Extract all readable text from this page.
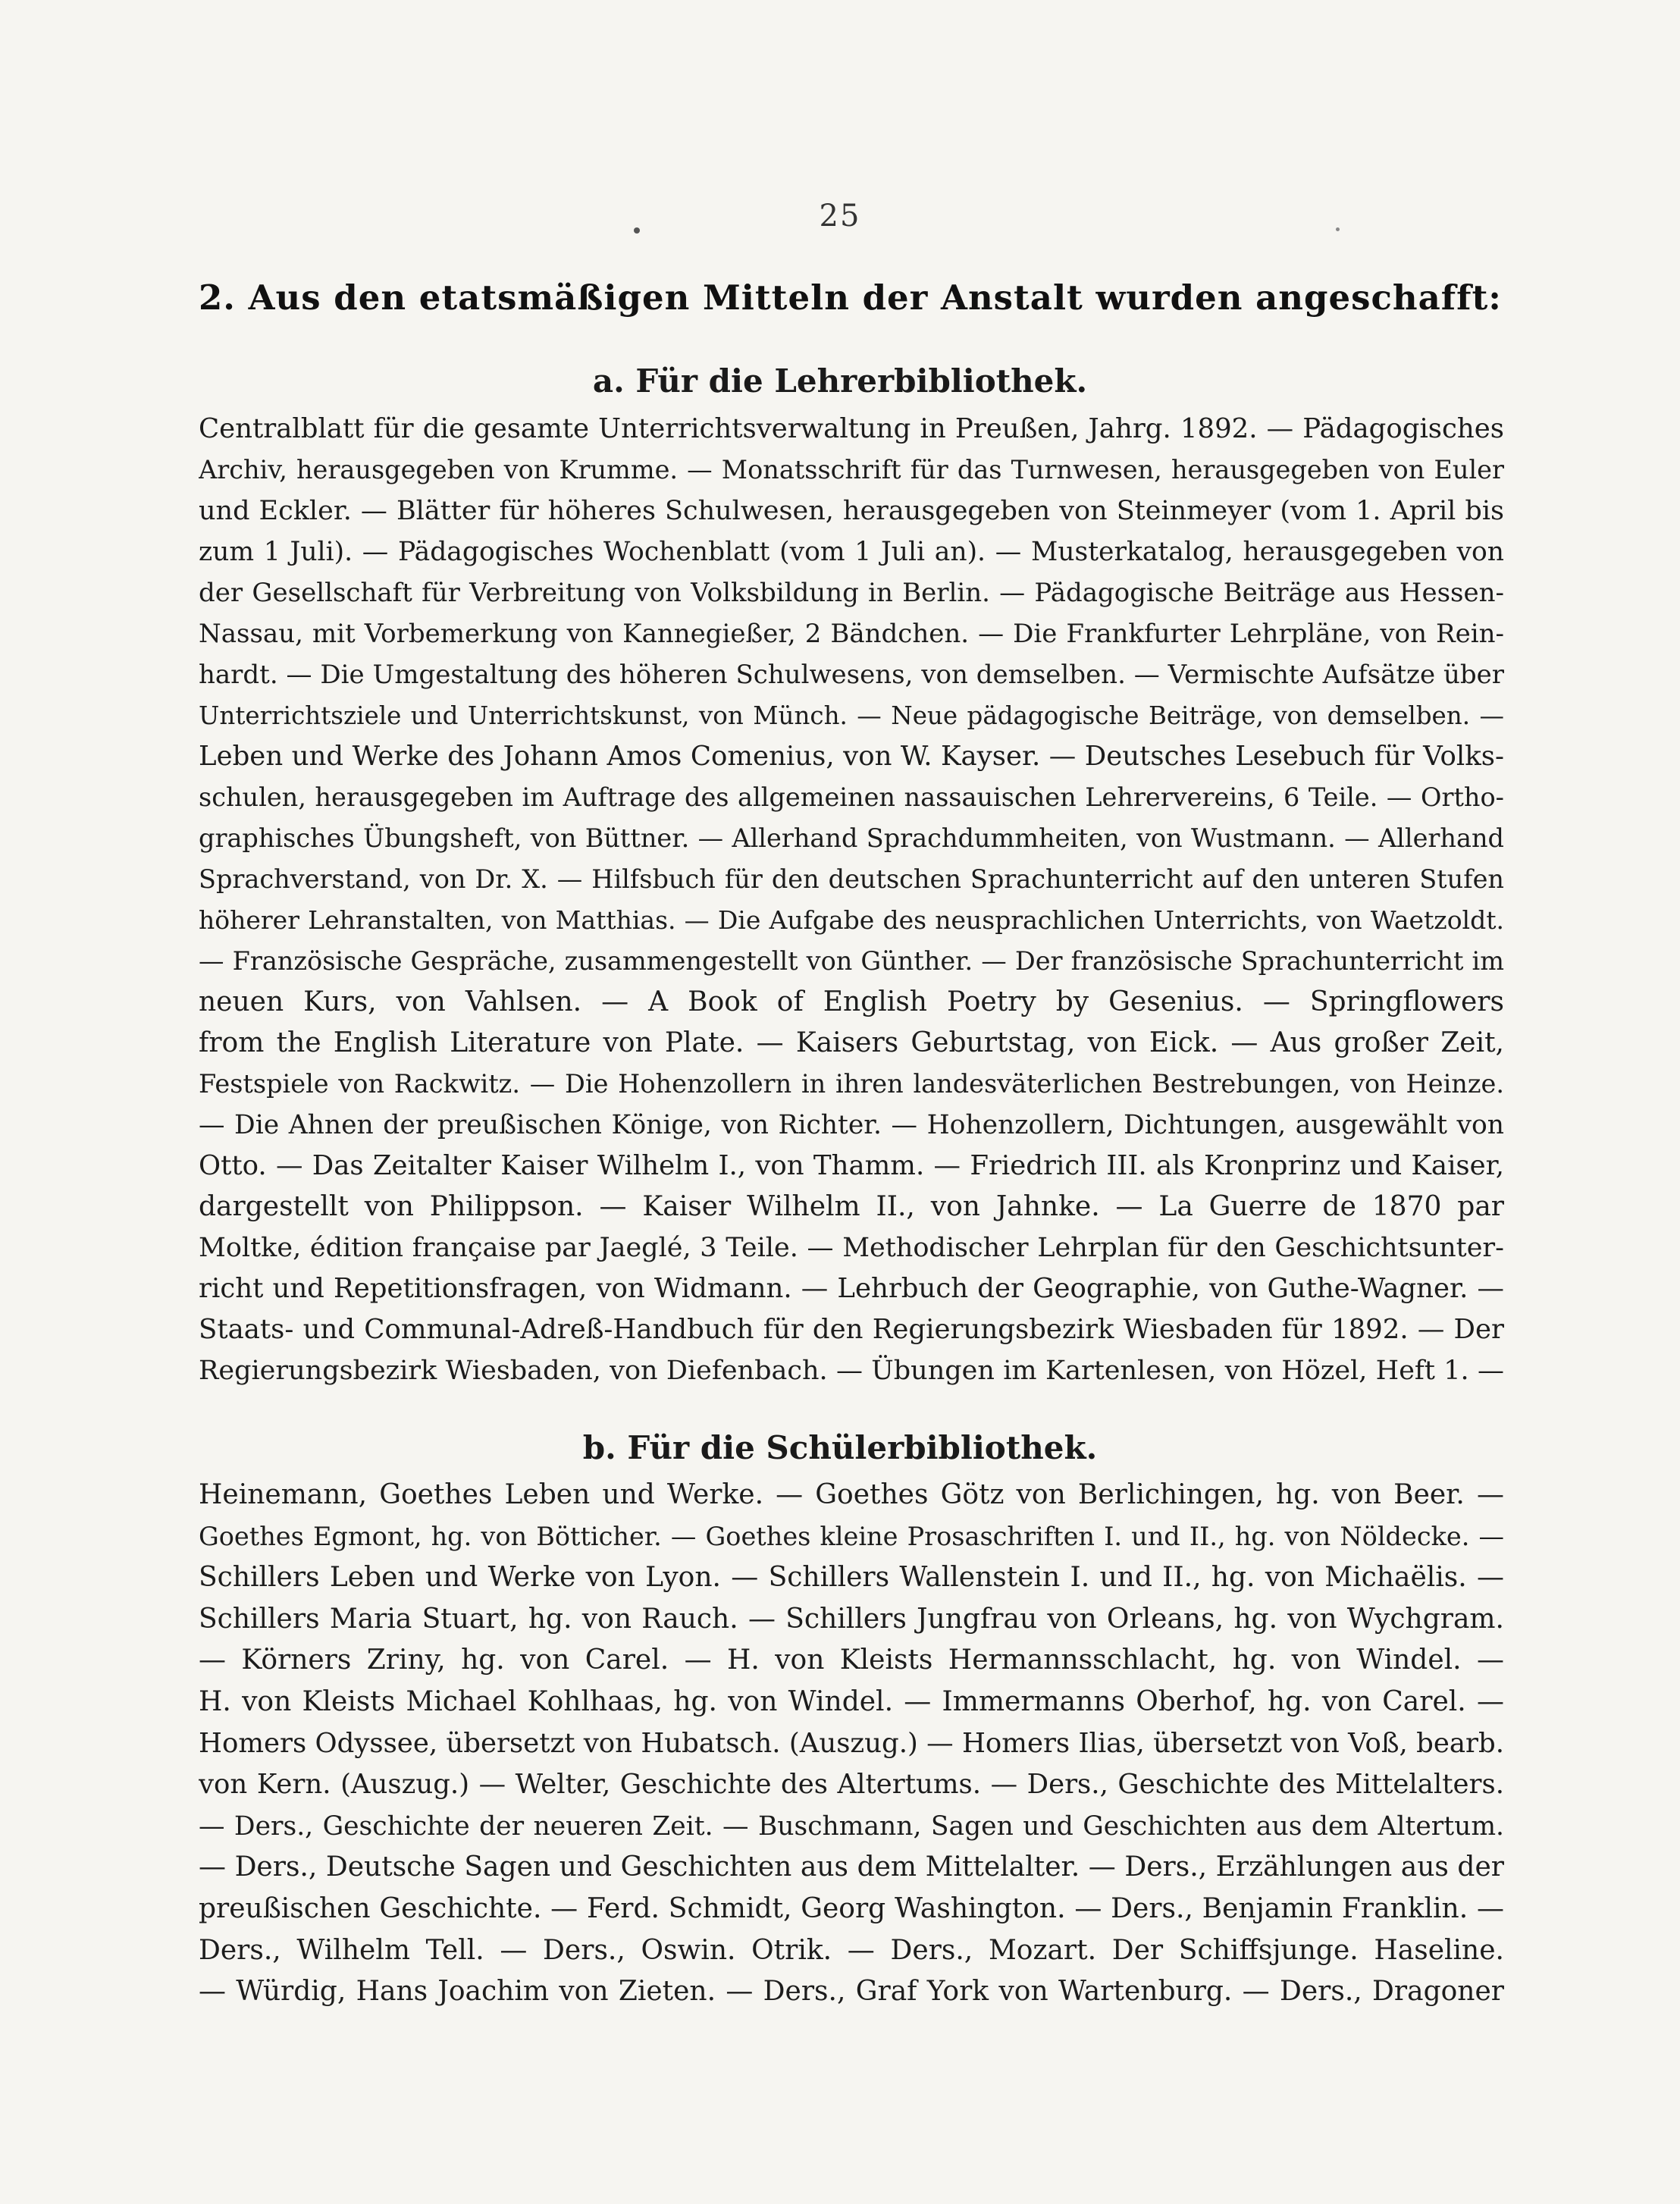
25
2. Aus den etatsmäßigen Mitteln der Anstalt wurden angeschafft:
a. Für die Lehrerbibliothek.
Centralblatt für die gesamte Unterrichtsverwaltung in Preußen, Jahrg. 1892. — Pädagogisches
Archiv, herausgegeben von Krumme. — Monatsschrift für das Turnwesen, herausgegeben von Euler
und Eckler. — Blätter für höheres Schulwesen, herausgegeben von Steinmeyer (vom 1. April bis
zum 1 Juli). — Pädagogisches Wochenblatt (vom 1 Juli an). — Musterkatalog, herausgegeben von
der Gesellschaft für Verbreitung von Volksbildung in Berlin. — Pädagogische Beiträge aus Hessen-
Nassau, mit Vorbemerkung von Kannegießer, 2 Bändchen. — Die Frankfurter Lehrpläne, von Rein-
hardt. — Die Umgestaltung des höheren Schulwesens, von demselben. — Vermischte Aufsätze über
Unterrichtsziele und Unterrichtskunst, von Münch. — Neue pädagogische Beiträge, von demselben. —
Leben und Werke des Johann Amos Comenius, von W. Kayser. — Deutsches Lesebuch für Volks-
schulen, herausgegeben im Auftrage des allgemeinen nassauischen Lehrervereins, 6 Teile. — Ortho-
graphisches Übungsheft, von Büttner. — Allerhand Sprachdummheiten, von Wustmann. — Allerhand
Sprachverstand, von Dr. X. — Hilfsbuch für den deutschen Sprachunterricht auf den unteren Stufen
höherer Lehranstalten, von Matthias. — Die Aufgabe des neusprachlichen Unterrichts, von Waetzoldt.
— Französische Gespräche, zusammengestellt von Günther. — Der französische Sprachunterricht im
neuen Kurs, von Vahlsen. — A Book of English Poetry by Gesenius. — Springflowers
from the English Literature von Plate. — Kaisers Geburtstag, von Eick. — Aus großer Zeit,
Festspiele von Rackwitz. — Die Hohenzollern in ihren landesväterlichen Bestrebungen, von Heinze.
— Die Ahnen der preußischen Könige, von Richter. — Hohenzollern, Dichtungen, ausgewählt von
Otto. — Das Zeitalter Kaiser Wilhelm I., von Thamm. — Friedrich III. als Kronprinz und Kaiser,
dargestellt von Philippson. — Kaiser Wilhelm II., von Jahnke. — La Guerre de 1870 par
Moltke, édition française par Jaeglé, 3 Teile. — Methodischer Lehrplan für den Geschichtsunter-
richt und Repetitionsfragen, von Widmann. — Lehrbuch der Geographie, von Guthe-Wagner. —
Staats- und Communal-Adreß-Handbuch für den Regierungsbezirk Wiesbaden für 1892. — Der
Regierungsbezirk Wiesbaden, von Diefenbach. — Übungen im Kartenlesen, von Hözel, Heft 1. —
b. Für die Schülerbibliothek.
Heinemann, Goethes Leben und Werke. — Goethes Götz von Berlichingen, hg. von Beer. —
Goethes Egmont, hg. von Bötticher. — Goethes kleine Prosaschriften I. und II., hg. von Nöldecke. —
Schillers Leben und Werke von Lyon. — Schillers Wallenstein I. und II., hg. von Michaëlis. —
Schillers Maria Stuart, hg. von Rauch. — Schillers Jungfrau von Orleans, hg. von Wychgram.
— Körners Zriny, hg. von Carel. — H. von Kleists Hermannsschlacht, hg. von Windel. —
H. von Kleists Michael Kohlhaas, hg. von Windel. — Immermanns Oberhof, hg. von Carel. —
Homers Odyssee, übersetzt von Hubatsch. (Auszug.) — Homers Ilias, übersetzt von Voß, bearb.
von Kern. (Auszug.) — Welter, Geschichte des Altertums. — Ders., Geschichte des Mittelalters.
— Ders., Geschichte der neueren Zeit. — Buschmann, Sagen und Geschichten aus dem Altertum.
— Ders., Deutsche Sagen und Geschichten aus dem Mittelalter. — Ders., Erzählungen aus der
preußischen Geschichte. — Ferd. Schmidt, Georg Washington. — Ders., Benjamin Franklin. —
Ders., Wilhelm Tell. — Ders., Oswin. Otrik. — Ders., Mozart. Der Schiffsjunge. Haseline.
— Würdig, Hans Joachim von Zieten. — Ders., Graf York von Wartenburg. — Ders., Dragoner
